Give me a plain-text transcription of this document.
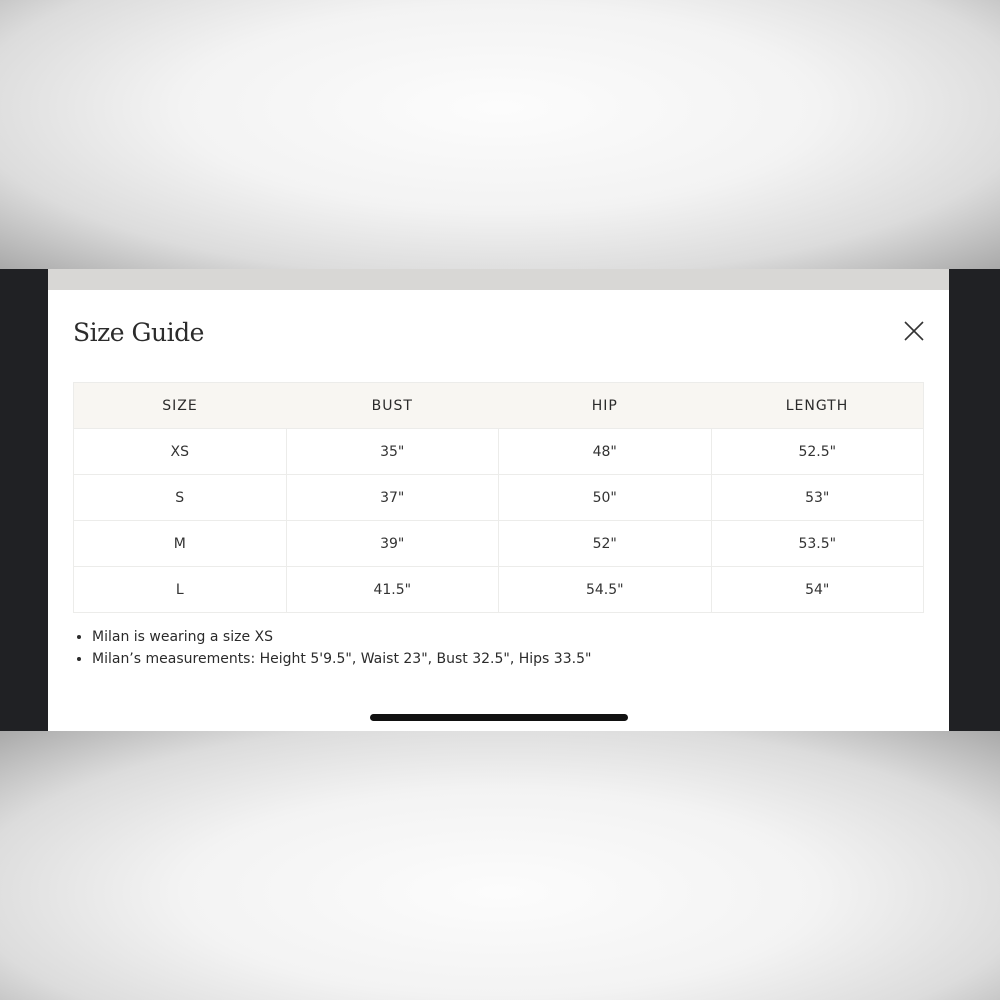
Size Guide
SIZE	BUST	HIP	LENGTH
XS	35"	48"	52.5"
S	37"	50"	53"
M	39"	52"	53.5"
L	41.5"	54.5"	54"
• Milan is wearing a size XS
• Milan’s measurements: Height 5'9.5", Waist 23", Bust 32.5", Hips 33.5"
